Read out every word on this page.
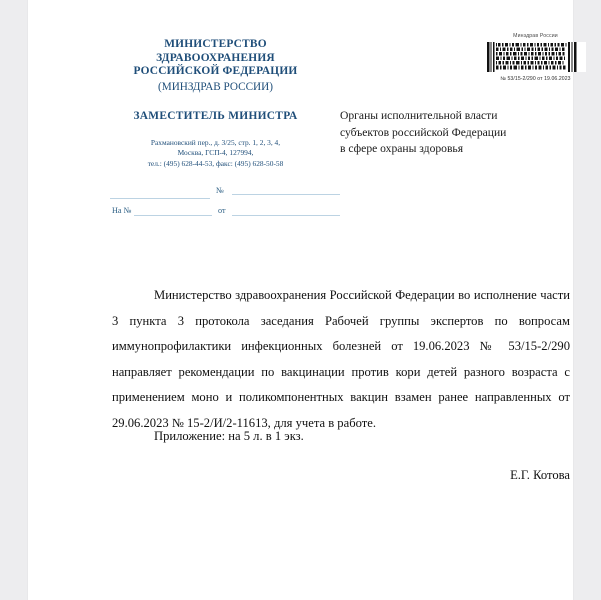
МИНИСТЕРСТВО
ЗДРАВООХРАНЕНИЯ
РОССИЙСКОЙ ФЕДЕРАЦИИ
(МИНЗДРАВ РОССИИ)
ЗАМЕСТИТЕЛЬ МИНИСТРА
Рахмановский пер., д. 3/25, стр. 1, 2, 3, 4,
Москва, ГСП-4, 127994,
тел.: (495) 628-44-53, факс: (495) 628-50-58
Минздрав России
№ 53/15-2/290 от 19.06.2023
Органы исполнительной власти
субъектов российской Федерации
в сфере охраны здоровья
№
На №	от
Министерство здравоохранения Российской Федерации во исполнение части 3 пункта 3 протокола заседания Рабочей группы экспертов по вопросам иммунопрофилактики инфекционных болезней от 19.06.2023 № 53/15-2/290 направляет рекомендации по вакцинации против кори детей разного возраста с применением моно и поликомпонентных вакцин взамен ранее направленных от 29.06.2023 № 15-2/И/2-11613, для учета в работе.
Приложение: на 5 л. в 1 экз.
Е.Г. Котова
